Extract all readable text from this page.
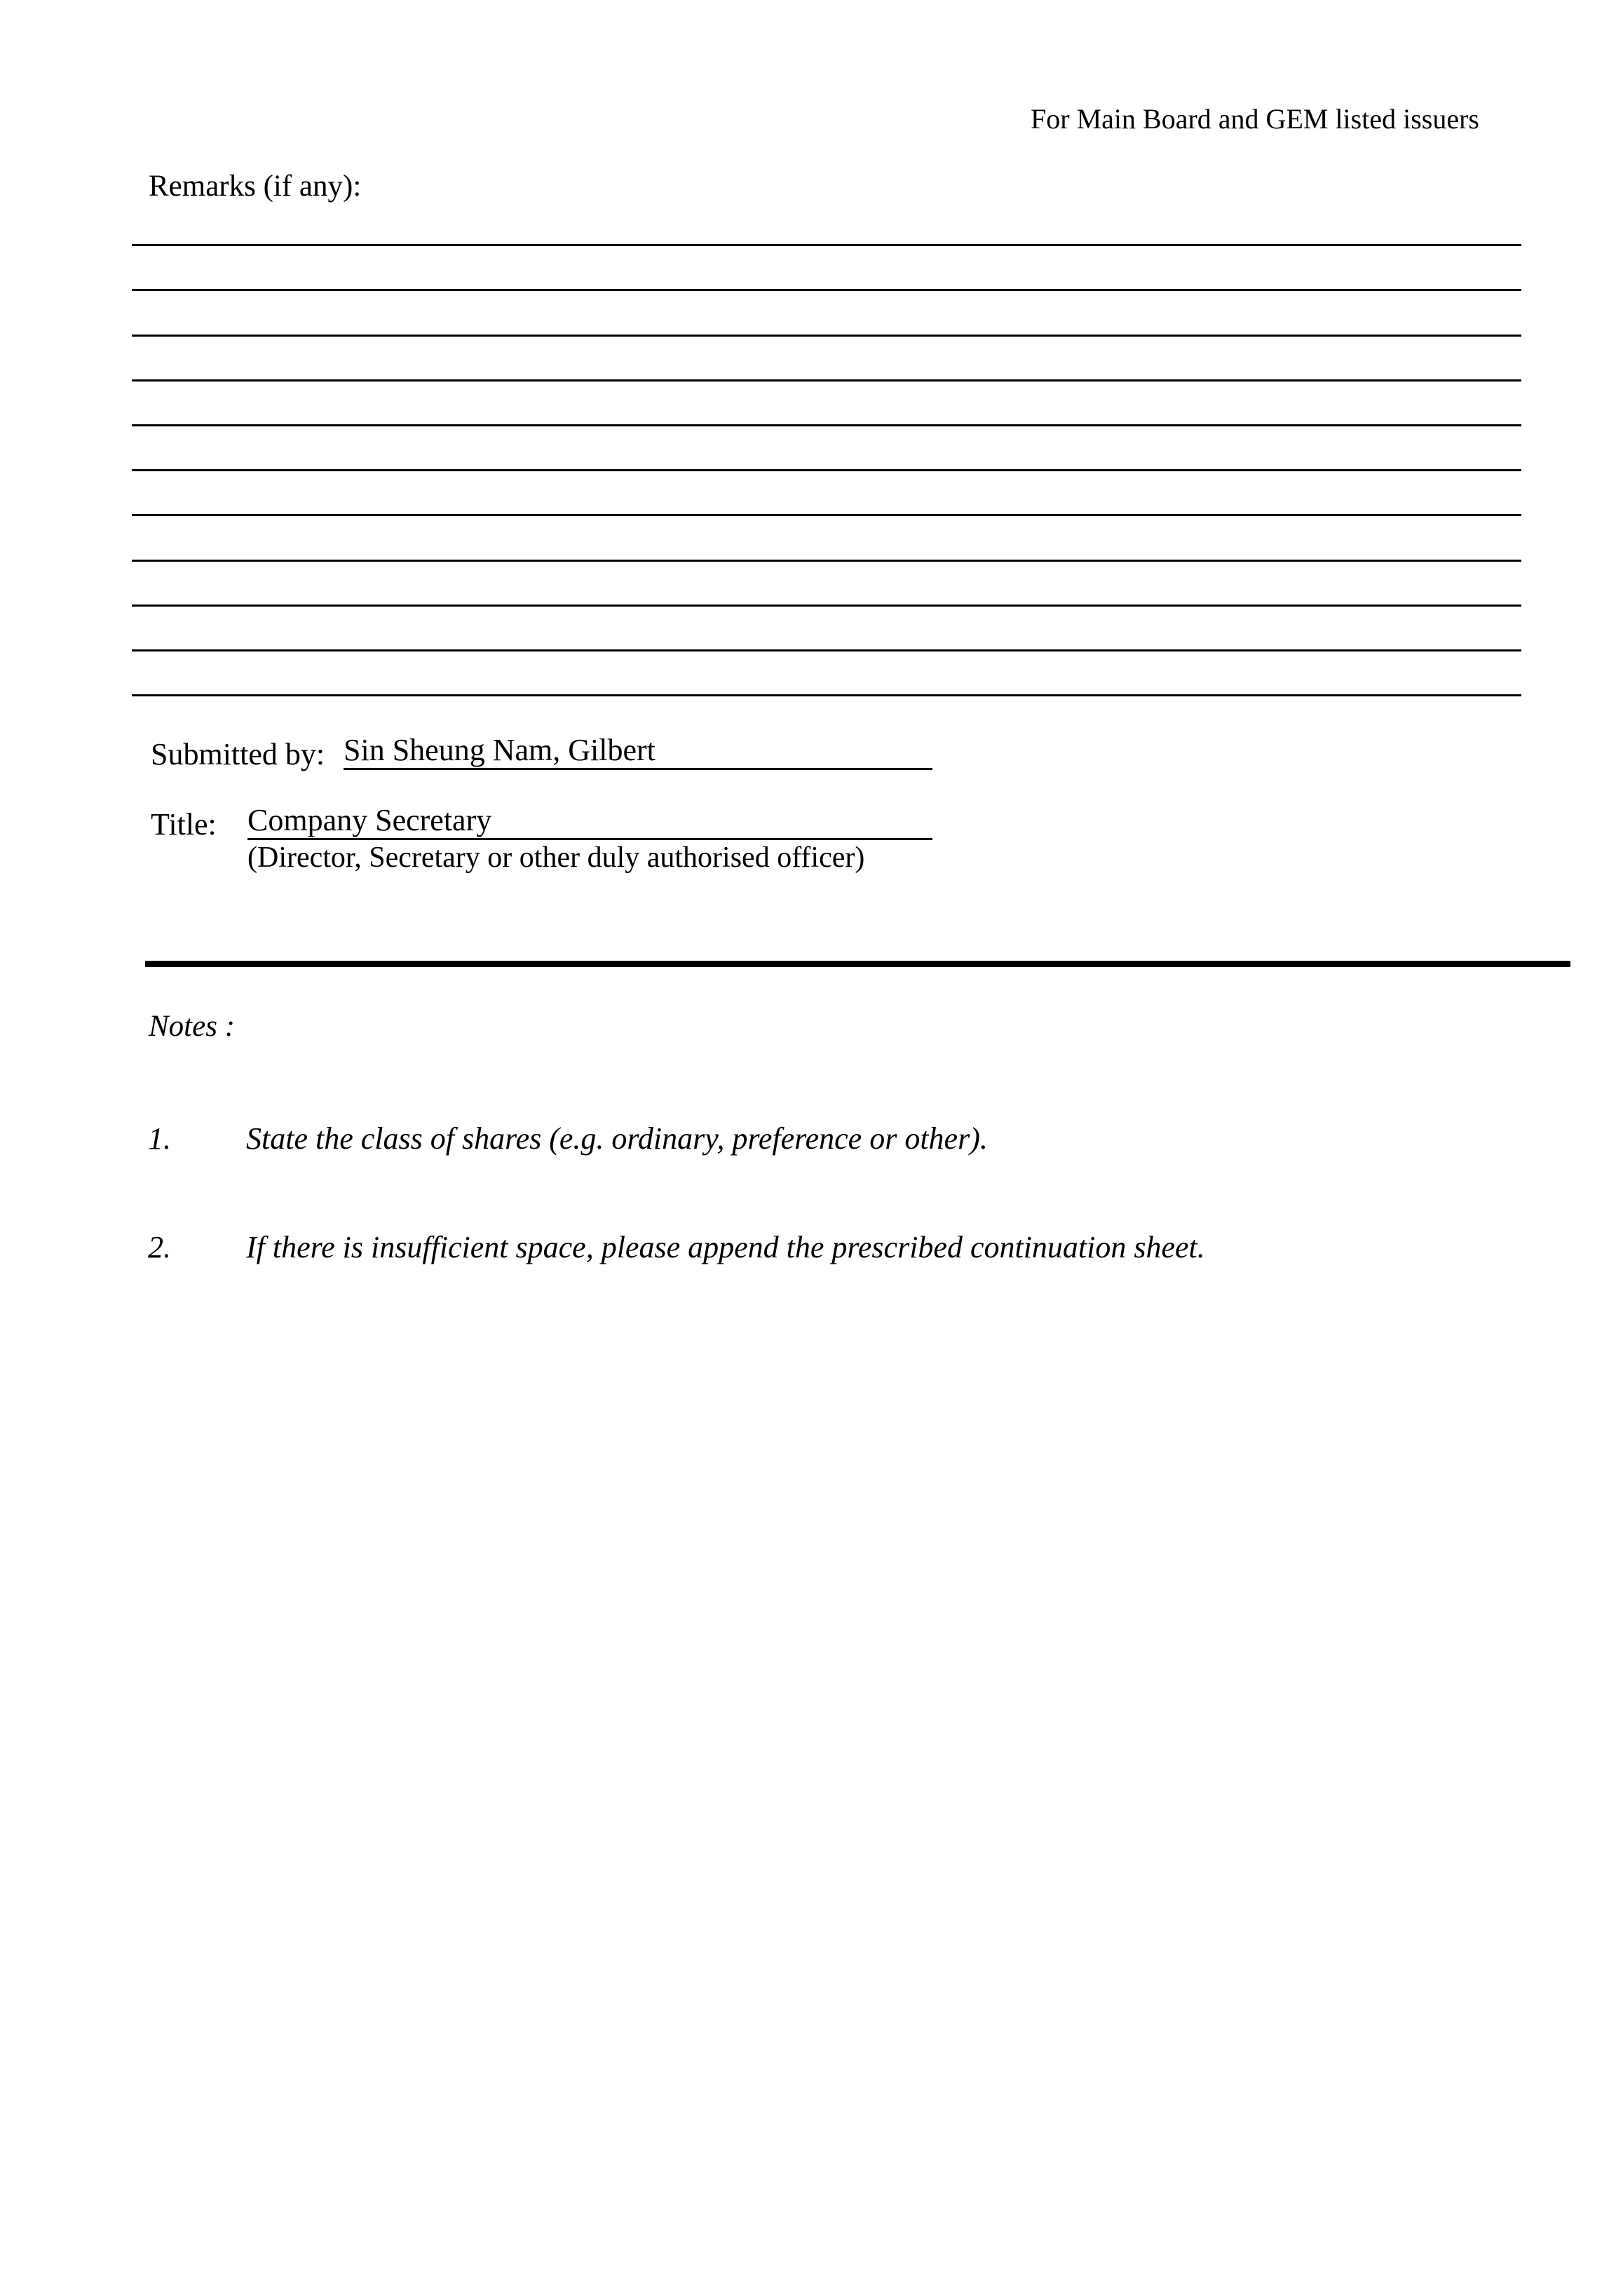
For Main Board and GEM listed issuers
Remarks (if any):
Submitted by: Sin Sheung Nam, Gilbert
Title: Company Secretary
(Director, Secretary or other duly authorised officer)
Notes :
1. State the class of shares (e.g. ordinary, preference or other).
2. If there is insufficient space, please append the prescribed continuation sheet.
